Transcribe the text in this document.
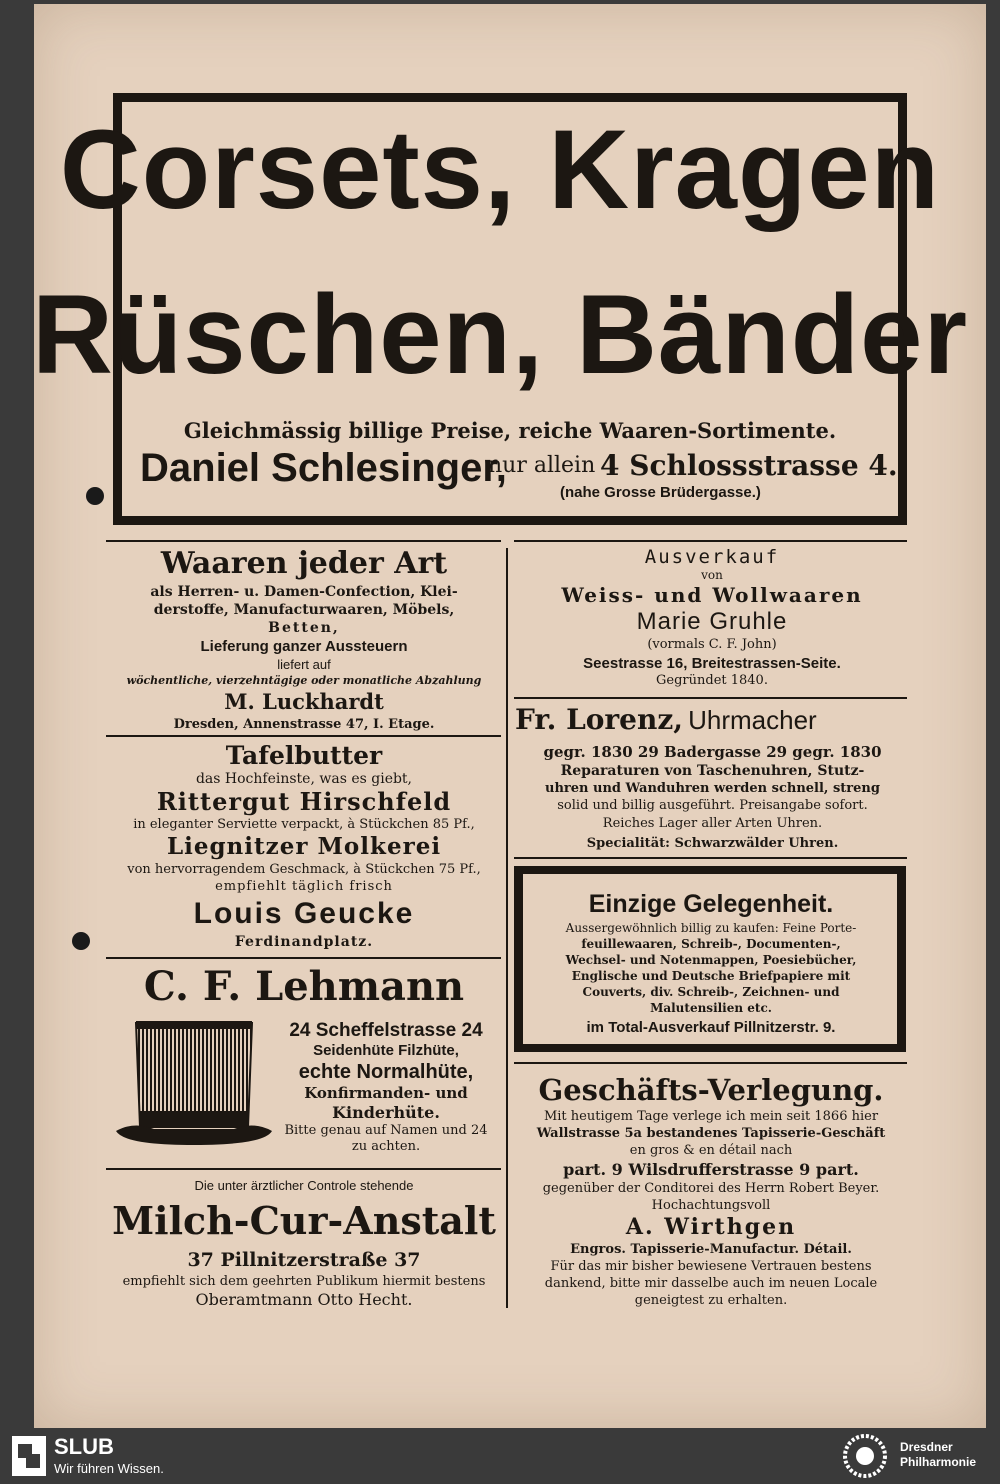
Corsets, Kragen
Rüschen, Bänder
Gleichmässig billige Preise, reiche Waaren-Sortimente.
Daniel Schlesinger,
nur allein 4 Schlossstrasse 4.
(nahe Grosse Brüdergasse.)
Waaren jeder Art
als Herren- u. Damen-Confection, Klei-
derstoffe, Manufacturwaaren, Möbels,
Betten,
Lieferung ganzer Aussteuern
liefert auf
wöchentliche, vierzehntägige oder monatliche Abzahlung
M. Luckhardt
Dresden, Annenstrasse 47, I. Etage.
Ausverkauf
von
Weiss- und Wollwaaren
Marie Gruhle
(vormals C. F. John)
Seestrasse 16, Breitestrassen-Seite.
Gegründet 1840.
Tafelbutter
das Hochfeinste, was es giebt,
Rittergut Hirschfeld
in eleganter Serviette verpackt, à Stückchen 85 Pf.,
Liegnitzer Molkerei
von hervorragendem Geschmack, à Stückchen 75 Pf.,
empfiehlt täglich frisch
Louis Geucke
Ferdinandplatz.
Fr. Lorenz, Uhrmacher
gegr. 1830 29 Badergasse 29 gegr. 1830
Reparaturen von Taschenuhren, Stutz-
uhren und Wanduhren werden schnell, streng
solid und billig ausgeführt. Preisangabe sofort.
Reiches Lager aller Arten Uhren.
Specialität: Schwarzwälder Uhren.
Einzige Gelegenheit.
Aussergewöhnlich billig zu kaufen: Feine Porte-
feuillewaaren, Schreib-, Documenten-,
Wechsel- und Notenmappen, Poesiebücher,
Englische und Deutsche Briefpapiere mit
Couverts, div. Schreib-, Zeichnen- und
Malutensilien etc.
im Total-Ausverkauf Pillnitzerstr. 9.
C. F. Lehmann
24 Scheffelstrasse 24
Seidenhüte Filzhüte,
echte Normalhüte,
Konfirmanden- und
Kinderhüte.
Bitte genau auf Namen und 24
zu achten.
Die unter ärztlicher Controle stehende
Milch-Cur-Anstalt
37 Pillnitzerstraße 37
empfiehlt sich dem geehrten Publikum hiermit bestens
Oberamtmann Otto Hecht.
Geschäfts-Verlegung.
Mit heutigem Tage verlege ich mein seit 1866 hier
Wallstrasse 5a bestandenes Tapisserie-Geschäft
en gros & en détail nach
part. 9 Wilsdrufferstrasse 9 part.
gegenüber der Conditorei des Herrn Robert Beyer.
Hochachtungsvoll
A. Wirthgen
Engros. Tapisserie-Manufactur. Détail.
Für das mir bisher bewiesene Vertrauen bestens
dankend, bitte mir dasselbe auch im neuen Locale
geneigtest zu erhalten.
SLUB
Wir führen Wissen.
Dresdner
Philharmonie
